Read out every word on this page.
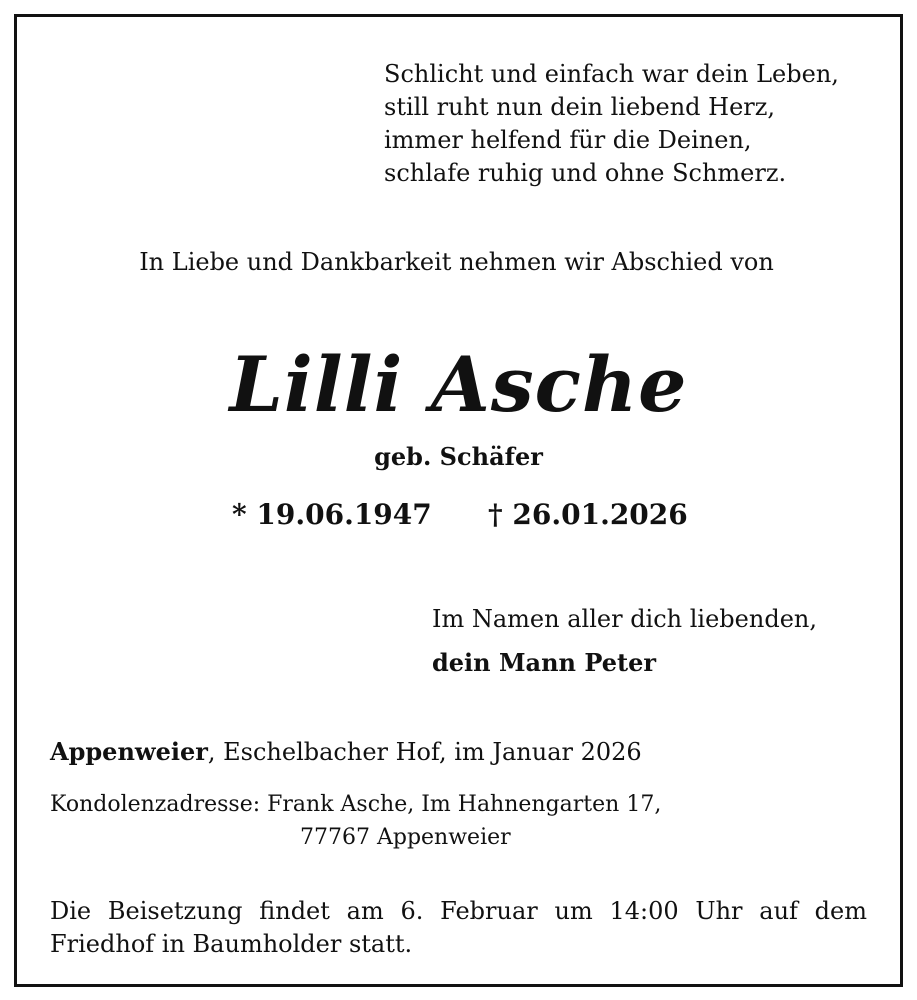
Schlicht und einfach war dein Leben,
still ruht nun dein liebend Herz,
immer helfend für die Deinen,
schlafe ruhig und ohne Schmerz.
In Liebe und Dankbarkeit nehmen wir Abschied von
Lilli Asche
geb. Schäfer
* 19.06.1947 † 26.01.2026
Im Namen aller dich liebenden,
dein Mann Peter
Appenweier, Eschelbacher Hof, im Januar 2026
Kondolenzadresse: Frank Asche, Im Hahnengarten 17,
77767 Appenweier
Die Beisetzung findet am 6. Februar um 14:00 Uhr auf dem
Friedhof in Baumholder statt.
